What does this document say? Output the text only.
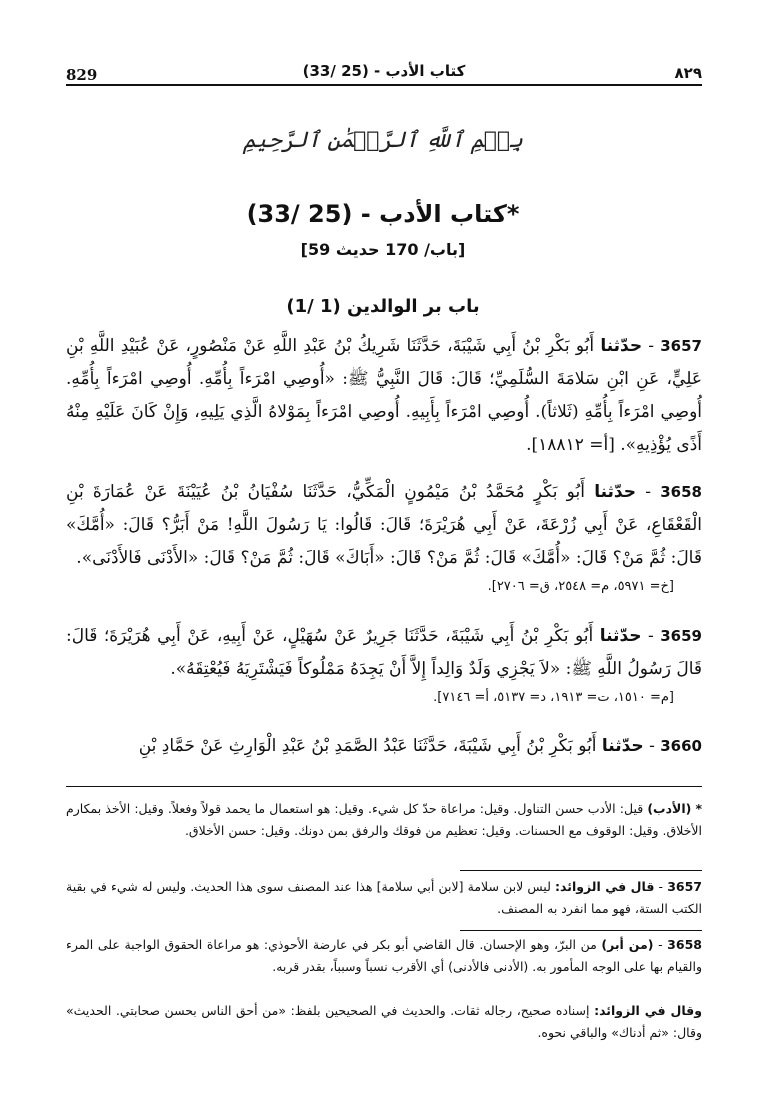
829	(33/ 25) - كتاب الأدب	٨٢٩
بِسۡمِ ٱللَّهِ ٱلرَّحۡمَٰنِ ٱلرَّحِيمِ
(33/ 25) - كتاب الأدب*
[59 باب/ 170 حديث]
(1/ 1) باب بر الوالدين
3657 - حدّثنا أَبُو بَكْرِ بْنُ أَبِي شَيْبَةَ، حَدَّثَنَا شَرِيكُ بْنُ عَبْدِ اللَّهِ عَنْ مَنْصُورٍ، عَنْ عُبَيْدِ اللَّهِ بْنِ عَلِيٍّ، عَنِ ابْنِ سَلامَةَ السُّلَمِيِّ؛ قَالَ: قَالَ النَّبِيُّ ﷺ: «أُوصِي امْرَءاً بِأُمِّهِ. أُوصِي امْرَءاً بِأُمِّهِ. أُوصِي امْرَءاً بِأُمِّهِ (ثَلاثاً). أُوصِي امْرَءاً بِأَبِيهِ. أُوصِي امْرَءاً بِمَوْلاهُ الَّذِي يَلِيهِ، وَإِنْ كَانَ عَلَيْهِ مِنْهُ أَذًى يُؤْذِيهِ». [أ= ١٨٨١٢].
3658 - حدّثنا أَبُو بَكْرٍ مُحَمَّدُ بْنُ مَيْمُونٍ الْمَكِّيُّ، حَدَّثَنَا سُفْيَانُ بْنُ عُيَيْنَةَ عَنْ عُمَارَةَ بْنِ الْقَعْقَاعِ، عَنْ أَبِي زُرْعَةَ، عَنْ أَبِي هُرَيْرَةَ؛ قَالَ: قَالُوا: يَا رَسُولَ اللَّهِ! مَنْ أَبَرُّ؟ قَالَ: «أُمَّكَ» قَالَ: ثُمَّ مَنْ؟ قَالَ: «أُمَّكَ» قَالَ: ثُمَّ مَنْ؟ قَالَ: «أَبَاكَ» قَالَ: ثُمَّ مَنْ؟ قَالَ: «الأَدْنَى فَالأَدْنَى».
[خ= ٥٩٧١، م= ٢٥٤٨، ق= ٢٧٠٦].
3659 - حدّثنا أَبُو بَكْرِ بْنُ أَبِي شَيْبَةَ، حَدَّثَنَا جَرِيرٌ عَنْ سُهَيْلٍ، عَنْ أَبِيهِ، عَنْ أَبِي هُرَيْرَةَ؛ قَالَ: قَالَ رَسُولُ اللَّهِ ﷺ: «لاَ يَجْزِي وَلَدٌ وَالِداً إِلاَّ أَنْ يَجِدَهُ مَمْلُوكاً فَيَشْتَرِيَهُ فَيُعْتِقَهُ».
[م= ١٥١٠، ت= ١٩١٣، د= ٥١٣٧، أ= ٧١٤٦].
3660 - حدّثنا أَبُو بَكْرِ بْنُ أَبِي شَيْبَةَ، حَدَّثَنَا عَبْدُ الصَّمَدِ بْنُ عَبْدِ الْوَارِثِ عَنْ حَمَّادِ بْنِ
* (الأدب) قيل: الأدب حسن التناول. وقيل: مراعاة حدّ كل شيء. وقيل: هو استعمال ما يحمد قولاً وفعلاً. وقيل: الأخذ بمكارم الأخلاق. وقيل: الوقوف مع الحسنات. وقيل: تعظيم من فوقك والرفق بمن دونك. وقيل: حسن الأخلاق.
3657 - قال في الزوائد: ليس لابن سلامة [لابن أبي سلامة] هذا عند المصنف سوى هذا الحديث. وليس له شيء في بقية الكتب الستة، فهو مما انفرد به المصنف.
3658 - (من أبر) من البرّ، وهو الإحسان. قال القاضي أبو بكر في عارضة الأحوذي: هو مراعاة الحقوق الواجبة على المرء والقيام بها على الوجه المأمور به. (الأدنى فالأدنى) أي الأقرب نسباً وسبباً، بقدر قربه.
وقال في الزوائد: إسناده صحيح، رجاله ثقات. والحديث في الصحيحين بلفظ: «من أحق الناس بحسن صحابتي. الحديث» وقال: «ثم أدناك» والباقي نحوه.
